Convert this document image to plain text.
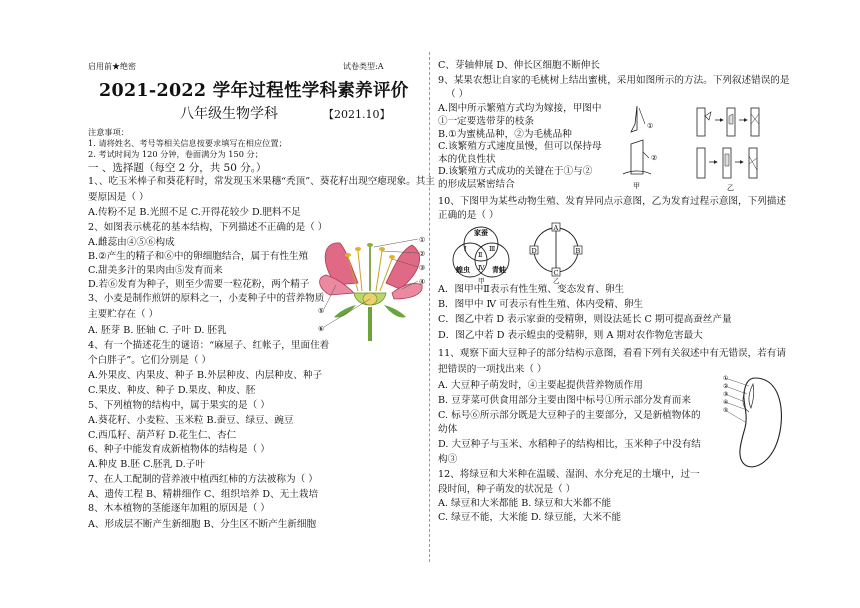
启用前★绝密	试卷类型:A
2021-2022 学年过程性学科素养评价
八年级生物学科	【2021.10】
注意事项：
1. 请将姓名、考号等相关信息按要求填写在相应位置；
2. 考试时间为 120 分钟，卷面满分为 150 分；
一 、选择题（每空 2 分，共 50 分。）
1、、吃玉米棒子和葵花籽时，常发现玉米果穗“秃顶”、葵花籽出现空瘪现象。其主
要原因是（ ）
A.传粉不足 B.光照不足 C.开得花较少 D.肥料不足
2、如图表示桃花的基本结构，下列描述不正确的是（ ）
A.雌蕊由④⑤⑥构成
B.②产生的精子和⑥中的卵细胞结合，属于有性生殖
C.甜美多汁的果肉由⑤发育而来
D.若⑥发育为种子，则至少需要一粒花粉，两个精子
3、小麦是制作煎饼的原料之一，小麦种子中的营养物质
主要贮存在（ ）
A. 胚芽 B. 胚轴 C. 子叶 D. 胚乳
4、有一个描述花生的谜语：“麻屋子、红帐子，里面住着
个白胖子”。它们分别是（ ）
A.外果皮、内果皮、种子 B.外层种皮、内层种皮、种子
C.果皮、种皮、种子 D.果皮、种皮、胚
5、下列植物的结构中，属于果实的是（ ）
A.葵花籽、小麦粒、玉米粒 B.蚕豆、绿豆、豌豆
C.西瓜籽、葫芦籽 D.花生仁、杏仁
6、种子中能发育成新植物体的结构是（ ）
A.种皮 B.胚 C.胚乳 D.子叶
7、在人工配制的营养液中植西红柿的方法被称为（ ）
A、遗传工程 B、精耕细作 C、组织培养 D、无土栽培
8、木本植物的茎能逐年加粗的原因是（ ）
A、形成层不断产生新细胞 B、分生区不断产生新细胞
C、芽轴伸展 D、伸长区细胞不断伸长
9、某果农想让自家的毛桃树上结出蜜桃，采用如图所示的方法。下列叙述错误的是
（ ）
A.图中所示繁殖方式均为嫁接，甲图中
①一定要选带芽的枝条
B.①为蜜桃品种，②为毛桃品种
C.该繁殖方式速度虽慢，但可以保持母
本的优良性状
D.该繁殖方式成功的关键在于①与②
的形成层紧密结合
10、下图甲为某些动物生殖、发育异同点示意图，乙为发育过程示意图，下列描述
正确的是（ ）
A．图甲中Ⅱ表示有性生殖、变态发育、卵生
B．图甲中 Ⅳ 可表示有性生殖、体内受精、卵生
C．图乙中若 D 表示家蚕的受精卵，则设法延长 C 期可提高蚕丝产量
D．图乙中若 D 表示蝗虫的受精卵，则 A 期对农作物危害最大
11、观察下面大豆种子的部分结构示意图，看看下列有关叙述中有无错误，若有请
把错误的一项找出来（ ）
A. 大豆种子萌发时，④主要起提供营养物质作用
B. 豆芽菜可供食用部分主要由图中标号①所示部分发育而来
C. 标号⑥所示部分既是大豆种子的主要部分，又是新植物体的
幼体
D. 大豆种子与玉米、水稻种子的结构相比，玉米种子中没有结
构③
12、将绿豆和大米种在温暖、湿润、水分充足的土壤中，过一
段时间，种子萌发的状况是（ ）
A. 绿豆和大米都能 B. 绿豆和大米都不能
C. 绿豆不能，大米能 D. 绿豆能，大米不能
①
②
③
④
⑤
⑥
①
②
甲	乙
家蚕
Ⅰ	Ⅲ
Ⅱ
Ⅳ
蝗虫	青蛙
甲
A
B
C
D
乙
①
②
③
④
⑤
